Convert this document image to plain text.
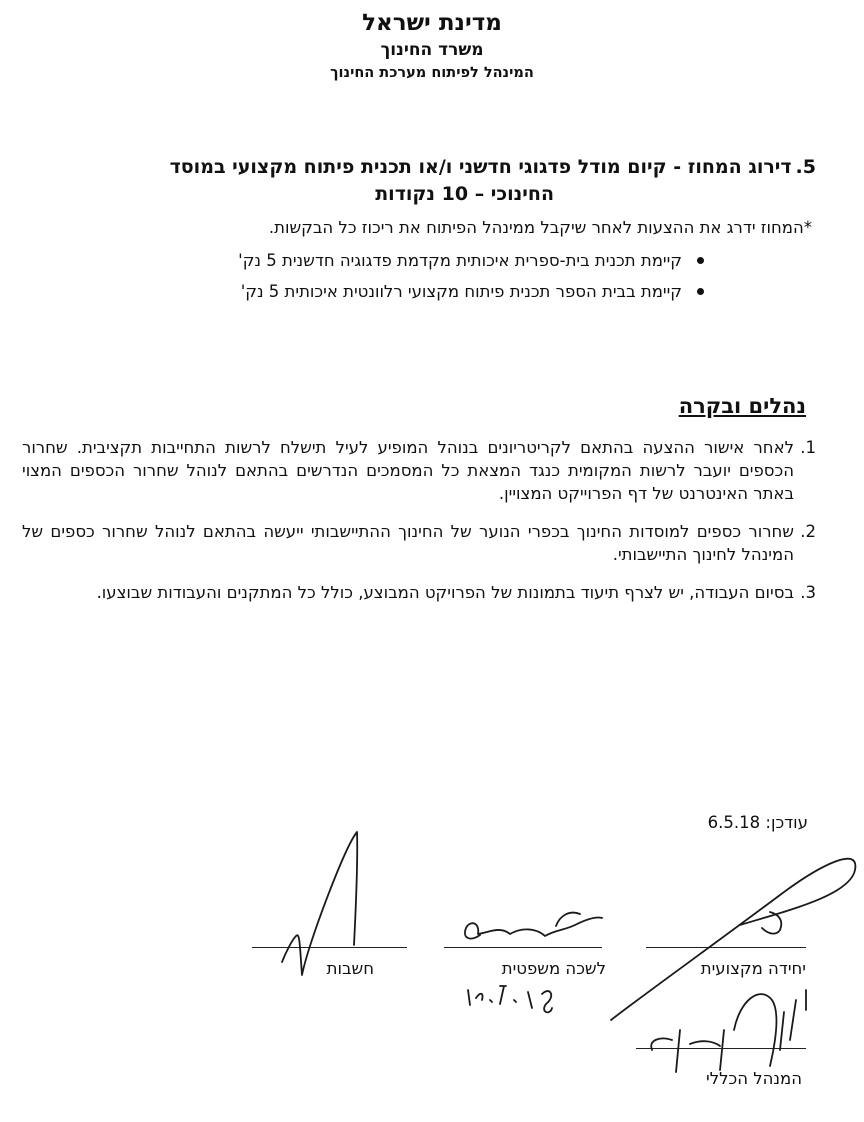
מדינת ישראל
משרד החינוך
המינהל לפיתוח מערכת החינוך
5.דירוג המחוז - קיום מודל פדגוגי חדשני ו/או תכנית פיתוח מקצועי במוסד
החינוכי – 10 נקודות
*המחוז ידרג את ההצעות לאחר שיקבל ממינהל הפיתוח את ריכוז כל הבקשות.
קיימת תכנית בית-ספרית איכותית מקדמת פדגוגיה חדשנית 5 נק'
קיימת בבית הספר תכנית פיתוח מקצועי רלוונטית איכותית 5 נק'
נהלים ובקרה
1.
לאחר אישור ההצעה בהתאם לקריטריונים בנוהל המופיע לעיל תישלח לרשות התחייבות תקציבית. שחרור הכספים יועבר לרשות המקומית כנגד המצאת כל המסמכים הנדרשים בהתאם לנוהל שחרור הכספים המצוי באתר האינטרנט של דף הפרוייקט המצויין.
2.
שחרור כספים למוסדות החינוך בכפרי הנוער של החינוך ההתיישבותי ייעשה בהתאם לנוהל שחרור כספים של המינהל לחינוך התיישבותי.
3.
בסיום העבודה, יש לצרף תיעוד בתמונות של הפרויקט המבוצע, כולל כל המתקנים והעבודות שבוצעו.
עודכן: 6.5.18
יחידה מקצועית
לשכה משפטית
חשבות
המנהל הכללי
